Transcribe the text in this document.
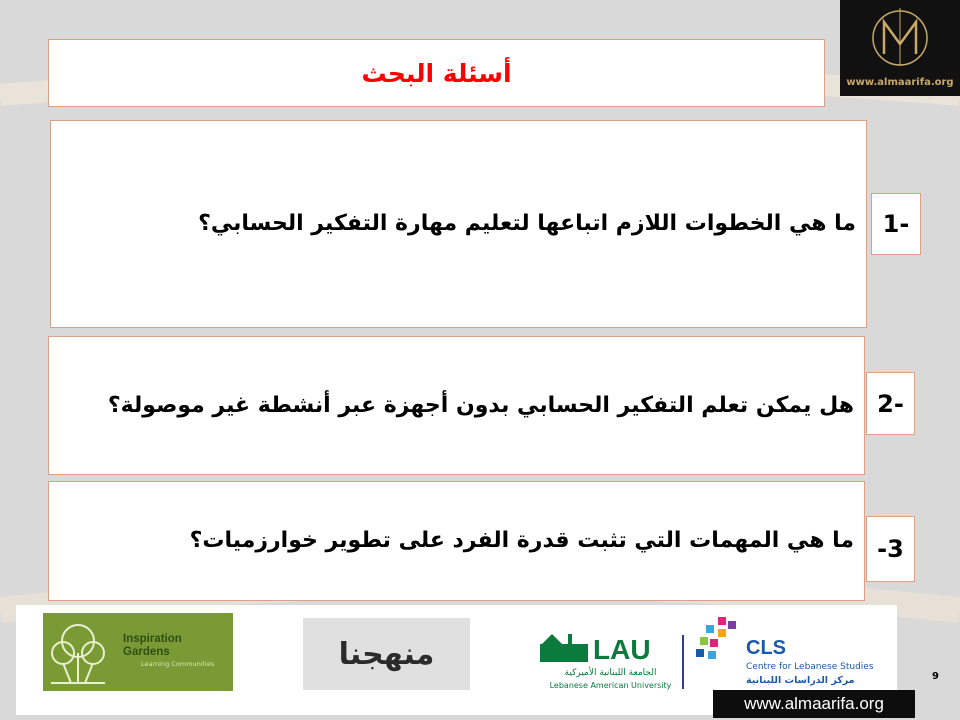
أسئلة البحث
ما هي الخطوات اللازم اتباعها لتعليم مهارة التفكير الحسابي؟	1-
هل يمكن تعلم التفكير الحسابي بدون أجهزة عبر أنشطة غير موصولة؟ 2-
ما هي المهمات التي تثبت قدرة الفرد على تطوير خوارزميات؟ -3
www.almaarifa.org
Inspiration
Gardens
Learning Communities	منهجنا	LAU
الجامعة اللبنانية الأميركية
Lebanese American University
CLS
Centre for Lebanese Studies
مركز الدراسات اللبنانية	9
www.almaarifa.org
